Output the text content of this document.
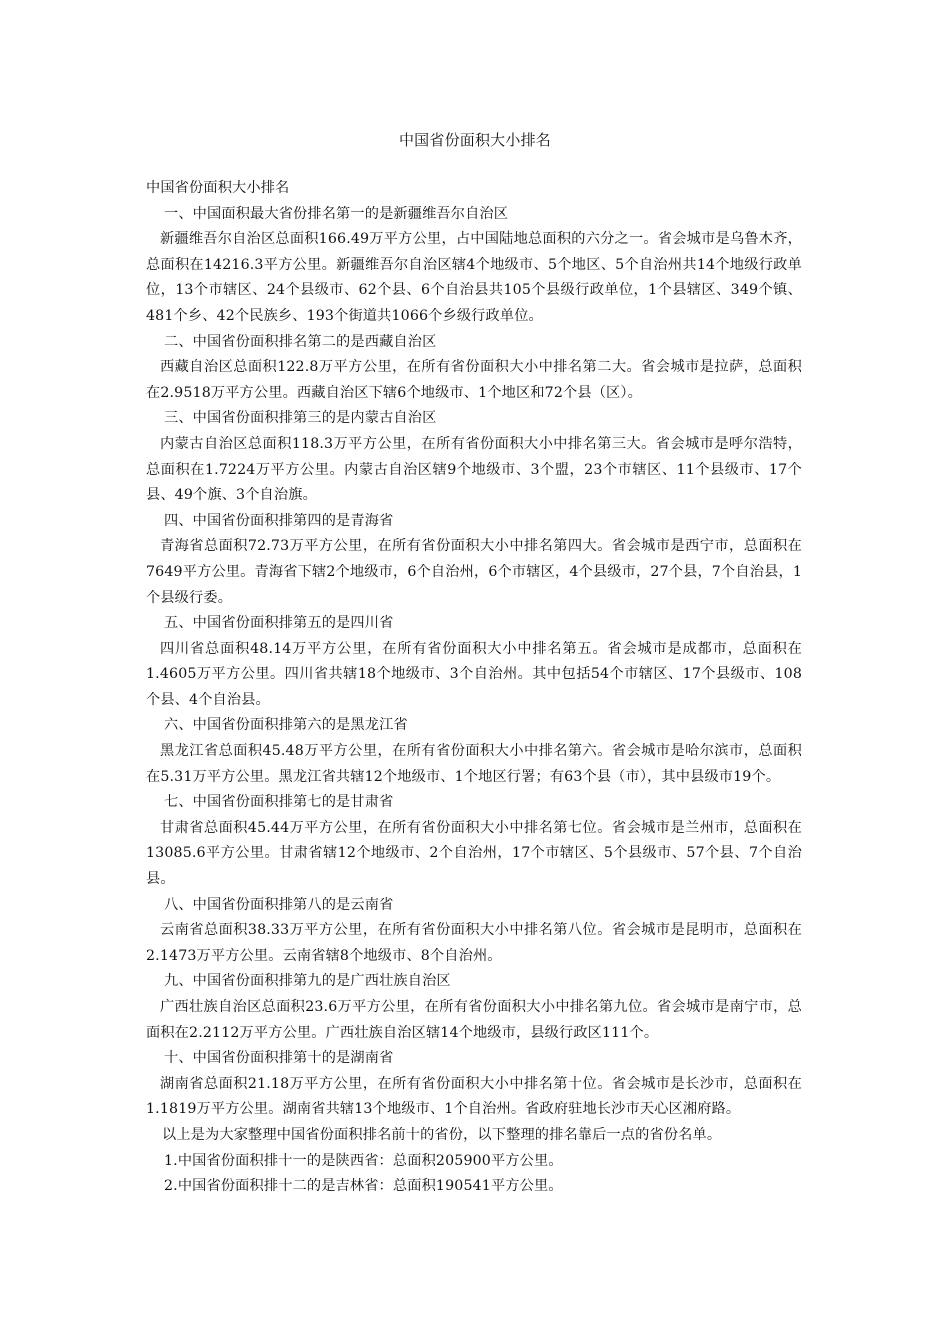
中国省份面积大小排名

中国省份面积大小排名

一、中国面积最大省份排名第一的是新疆维吾尔自治区

新疆维吾尔自治区总面积166.49万平方公里，占中国陆地总面积的六分之一。省会城市是乌鲁木齐，总面积在14216.3平方公里。新疆维吾尔自治区辖4个地级市、5个地区、5个自治州共14个地级行政单位，13个市辖区、24个县级市、62个县、6个自治县共105个县级行政单位，1个县辖区、349个镇、481个乡、42个民族乡、193个街道共1066个乡级行政单位。

二、中国省份面积排名第二的是西藏自治区

西藏自治区总面积122.8万平方公里，在所有省份面积大小中排名第二大。省会城市是拉萨，总面积在2.9518万平方公里。西藏自治区下辖6个地级市、1个地区和72个县（区）。

三、中国省份面积排第三的是内蒙古自治区

内蒙古自治区总面积118.3万平方公里，在所有省份面积大小中排名第三大。省会城市是呼尔浩特，总面积在1.7224万平方公里。内蒙古自治区辖9个地级市、3个盟，23个市辖区、11个县级市、17个县、49个旗、3个自治旗。

四、中国省份面积排第四的是青海省

青海省总面积72.73万平方公里，在所有省份面积大小中排名第四大。省会城市是西宁市，总面积在7649平方公里。青海省下辖2个地级市，6个自治州，6个市辖区，4个县级市，27个县，7个自治县，1个县级行委。

五、中国省份面积排第五的是四川省

四川省总面积48.14万平方公里，在所有省份面积大小中排名第五。省会城市是成都市，总面积在1.4605万平方公里。四川省共辖18个地级市、3个自治州。其中包括54个市辖区、17个县级市、108个县、4个自治县。

六、中国省份面积排第六的是黑龙江省

黑龙江省总面积45.48万平方公里，在所有省份面积大小中排名第六。省会城市是哈尔滨市，总面积在5.31万平方公里。黑龙江省共辖12个地级市、1个地区行署；有63个县（市），其中县级市19个。

七、中国省份面积排第七的是甘肃省

甘肃省总面积45.44万平方公里，在所有省份面积大小中排名第七位。省会城市是兰州市，总面积在13085.6平方公里。甘肃省辖12个地级市、2个自治州，17个市辖区、5个县级市、57个县、7个自治县。

八、中国省份面积排第八的是云南省

云南省总面积38.33万平方公里，在所有省份面积大小中排名第八位。省会城市是昆明市，总面积在2.1473万平方公里。云南省辖8个地级市、8个自治州。

九、中国省份面积排第九的是广西壮族自治区

广西壮族自治区总面积23.6万平方公里，在所有省份面积大小中排名第九位。省会城市是南宁市，总面积在2.2112万平方公里。广西壮族自治区辖14个地级市，县级行政区111个。

十、中国省份面积排第十的是湖南省

湖南省总面积21.18万平方公里，在所有省份面积大小中排名第十位。省会城市是长沙市，总面积在1.1819万平方公里。湖南省共辖13个地级市、1个自治州。省政府驻地长沙市天心区湘府路。

以上是为大家整理中国省份面积排名前十的省份，以下整理的排名靠后一点的省份名单。

1.中国省份面积排十一的是陕西省：总面积205900平方公里。

2.中国省份面积排十二的是吉林省：总面积190541平方公里。
